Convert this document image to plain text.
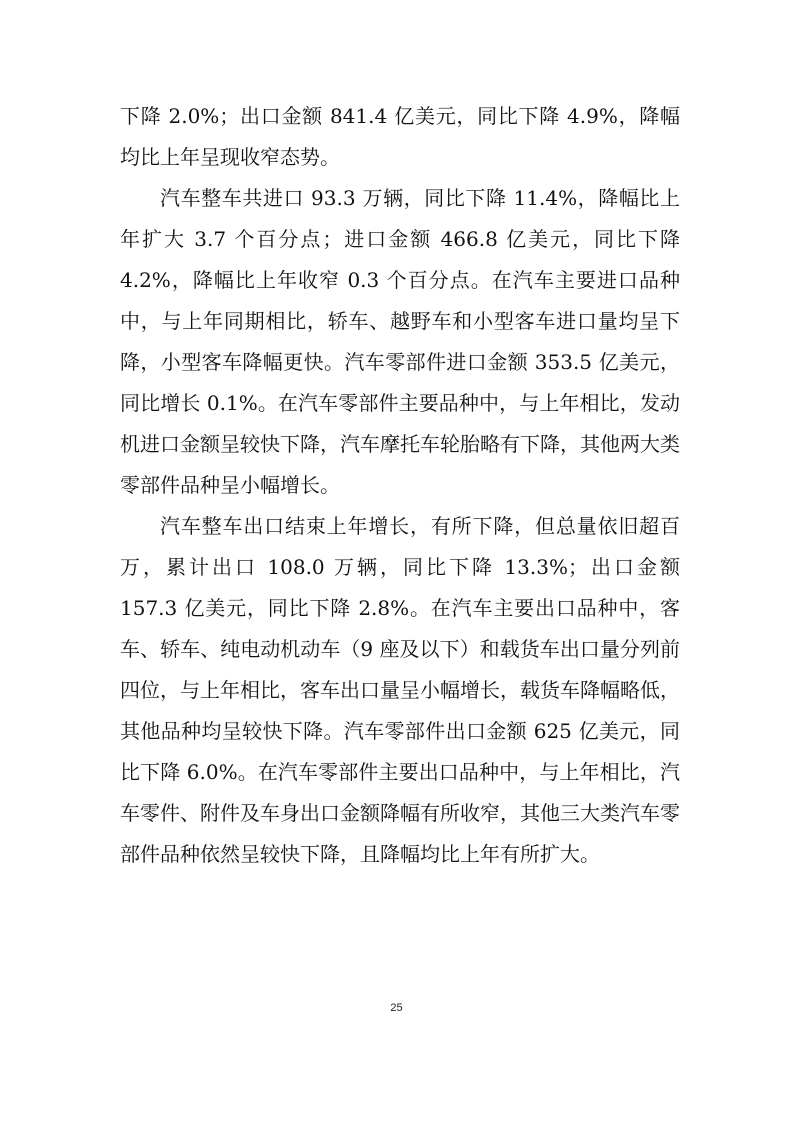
下降 2.0%；出口金额 841.4 亿美元，同比下降 4.9%，降幅均比上年呈现收窄态势。

汽车整车共进口 93.3 万辆，同比下降 11.4%，降幅比上年扩大 3.7 个百分点；进口金额 466.8 亿美元，同比下降 4.2%，降幅比上年收窄 0.3 个百分点。在汽车主要进口品种中，与上年同期相比，轿车、越野车和小型客车进口量均呈下降，小型客车降幅更快。汽车零部件进口金额 353.5 亿美元，同比增长 0.1%。在汽车零部件主要品种中，与上年相比，发动机进口金额呈较快下降，汽车摩托车轮胎略有下降，其他两大类零部件品种呈小幅增长。

汽车整车出口结束上年增长，有所下降，但总量依旧超百万，累计出口 108.0 万辆，同比下降 13.3%；出口金额 157.3 亿美元，同比下降 2.8%。在汽车主要出口品种中，客车、轿车、纯电动机动车（9 座及以下）和载货车出口量分列前四位，与上年相比，客车出口量呈小幅增长，载货车降幅略低，其他品种均呈较快下降。汽车零部件出口金额 625 亿美元，同比下降 6.0%。在汽车零部件主要出口品种中，与上年相比，汽车零件、附件及车身出口金额降幅有所收窄，其他三大类汽车零部件品种依然呈较快下降，且降幅均比上年有所扩大。

25
